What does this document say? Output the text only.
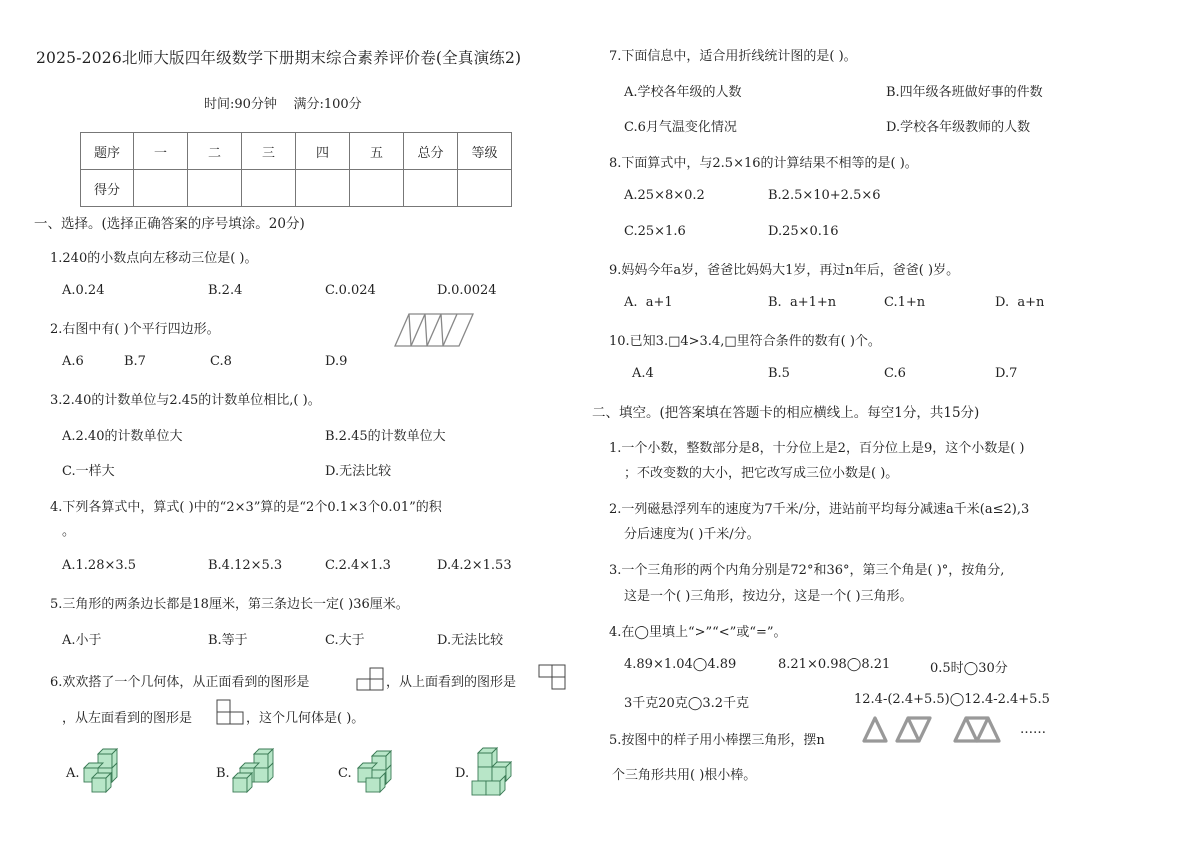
2025-2026北师大版四年级数学下册期末综合素养评价卷(全真演练2)
时间:90分钟    满分:100分
题序	一	二	三	四	五	总分	等级
得分							
一、选择。(选择正确答案的序号填涂。20分)
1.240的小数点向左移动三位是( )。
A.0.24	B.2.4	C.0.024	D.0.0024
2.右图中有( )个平行四边形。
A.6	B.7	C.8	D.9
3.2.40的计数单位与2.45的计数单位相比,( )。
A.2.40的计数单位大	B.2.45的计数单位大
C.一样大	D.无法比较
4.下列各算式中，算式( )中的“2×3”算的是“2个0.1×3个0.01”的积
。
A.1.28×3.5	B.4.12×5.3	C.2.4×1.3	D.4.2×1.53
5.三角形的两条边长都是18厘米，第三条边长一定( )36厘米。
A.小于	B.等于	C.大于	D.无法比较
6.欢欢搭了一个几何体，从正面看到的图形是	，从上面看到的图形是
，从左面看到的图形是	，这个几何体是( )。
A.	B.	C.	D.
7.下面信息中，适合用折线统计图的是( )。
A.学校各年级的人数	B.四年级各班做好事的件数
C.6月气温变化情况	D.学校各年级教师的人数
8.下面算式中，与2.5×16的计算结果不相等的是( )。
A.25×8×0.2	B.2.5×10+2.5×6
C.25×1.6	D.25×0.16
9.妈妈今年a岁，爸爸比妈妈大1岁，再过n年后，爸爸( )岁。
A.  a+1	B.  a+1+n	C.1+n	D.  a+n
10.已知3.□4>3.4,□里符合条件的数有( )个。
A.4	B.5	C.6	D.7
二、填空。(把答案填在答题卡的相应横线上。每空1分，共15分)
1.一个小数，整数部分是8，十分位上是2，百分位上是9，这个小数是( )
；不改变数的大小，把它改写成三位小数是( )。
2.一列磁悬浮列车的速度为7千米/分，进站前平均每分减速a千米(a≤2),3
分后速度为( )千米/分。
3.一个三角形的两个内角分别是72°和36°，第三个角是( )°，按角分,
这是一个( )三角形，按边分，这是一个( )三角形。
4.在◯里填上“>”“<”或“=”。
4.89×1.04◯4.89	8.21×0.98◯8.21	0.5时◯30分
3千克20克◯3.2千克	12.4-(2.4+5.5)◯12.4-2.4+5.5
5.按图中的样子用小棒摆三角形，摆n
……
个三角形共用( )根小棒。
